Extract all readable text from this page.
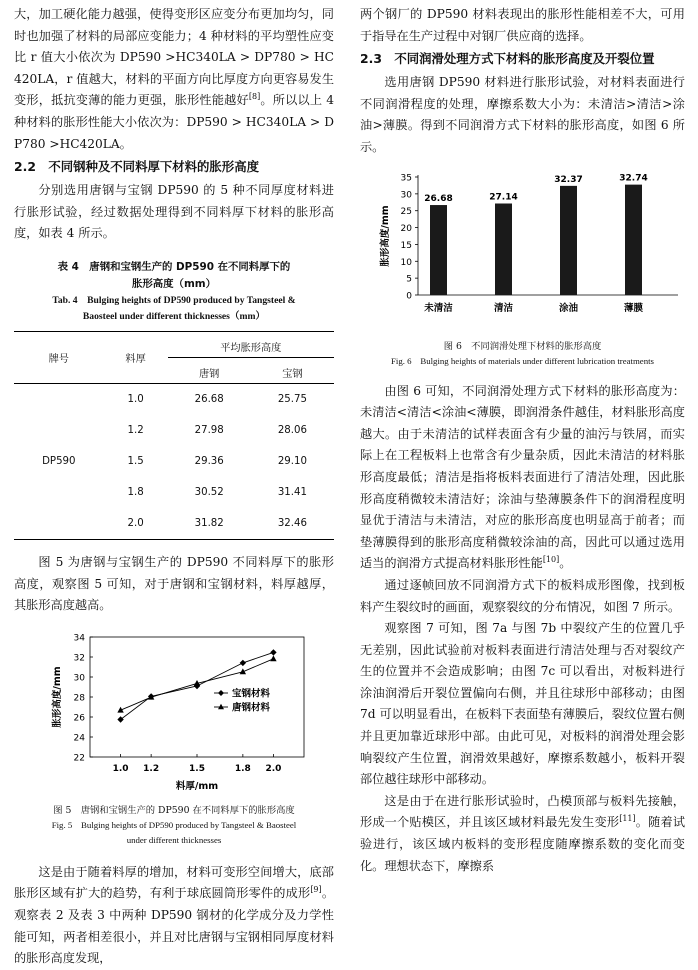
大，加工硬化能力越强，使得变形区应变分布更加均匀，同时也加强了材料的局部应变能力；4 种材料的平均塑性应变比 r 值大小依次为 DP590 >HC340LA > DP780 > HC420LA，r 值越大，材料的平面方向比厚度方向更容易发生变形，抵抗变薄的能力更强，胀形性能越好[8]。所以以上 4 种材料的胀形性能大小依次为：DP590 > HC340LA > DP780 >HC420LA。

2.2　不同钢种及不同料厚下材料的胀形高度

分别选用唐钢与宝钢 DP590 的 5 种不同厚度材料进行胀形试验，经过数据处理得到不同料厚下材料的胀形高度，如表 4 所示。

表 4　唐钢和宝钢生产的 DP590 在不同料厚下的

胀形高度（mm）

Tab. 4　Bulging heights of DP590 produced by Tangsteel &

Baosteel under different thicknesses（mm）

牌号	料厚	平均胀形高度	
		唐钢	宝钢
DP590	1.0	26.68	25.75
	1.2	27.98	28.06
	1.5	29.36	29.10
	1.8	30.52	31.41
	2.0	31.82	32.46

图 5 为唐钢与宝钢生产的 DP590 不同料厚下的胀形高度，观察图 5 可知，对于唐钢和宝钢材料，料厚越厚，其胀形高度越高。

22
24
26
28
30
32
34
1.0 1.2	1.5	1.8 2.0
料厚/mm
胀形高度/mm	宝钢材料
唐钢材料

图 5　唐钢和宝钢生产的 DP590 在不同料厚下的胀形高度

Fig. 5　Bulging heights of DP590 produced by Tangsteel & Baosteel

under different thicknesses

这是由于随着料厚的增加，材料可变形空间增大，底部胀形区域有扩大的趋势，有利于球底圆筒形零件的成形[9]。观察表 2 及表 3 中两种 DP590 钢材的化学成分及力学性能可知，两者相差很小，并且对比唐钢与宝钢相同厚度材料的胀形高度发现，

两个钢厂的 DP590 材料表现出的胀形性能相差不大，可用于指导在生产过程中对钢厂供应商的选择。

2.3　不同润滑处理方式下材料的胀形高度及开裂位置

选用唐钢 DP590 材料进行胀形试验，对材料表面进行不同润滑程度的处理，摩擦系数大小为：未清洁>清洁>涂油>薄膜。得到不同润滑方式下材料的胀形高度，如图 6 所示。

0
5
10
15
20
25
30
35
胀形高度/mm
26.68
未清洁
27.14
清洁
32.37
涂油
32.74
薄膜

图 6　不同润滑处理下材料的胀形高度

Fig. 6　Bulging heights of materials under different lubrication treatments

由图 6 可知，不同润滑处理方式下材料的胀形高度为：未清洁<清洁<涂油<薄膜，即润滑条件越佳，材料胀形高度越大。由于未清洁的试样表面含有少量的油污与铁屑，而实际上在工程板料上也常含有少量杂质，因此未清洁的材料胀形高度最低；清洁是指将板料表面进行了清洁处理，因此胀形高度稍微较未清洁好；涂油与垫薄膜条件下的润滑程度明显优于清洁与未清洁，对应的胀形高度也明显高于前者；而垫薄膜得到的胀形高度稍微较涂油的高，因此可以通过选用适当的润滑方式提高材料胀形性能[10]。

通过逐帧回放不同润滑方式下的板料成形图像，找到板料产生裂纹时的画面，观察裂纹的分布情况，如图 7 所示。

观察图 7 可知，图 7a 与图 7b 中裂纹产生的位置几乎无差别，因此试验前对板料表面进行清洁处理与否对裂纹产生的位置并不会造成影响；由图 7c 可以看出，对板料进行涂油润滑后开裂位置偏向右侧，并且往球形中部移动；由图 7d 可以明显看出，在板料下表面垫有薄膜后，裂纹位置右侧并且更加靠近球形中部。由此可见，对板料的润滑处理会影响裂纹产生位置，润滑效果越好，摩擦系数越小，板料开裂部位越往球形中部移动。

这是由于在进行胀形试验时，凸模顶部与板料先接触，形成一个贴模区，并且该区域材料最先发生变形[11]。随着试验进行，该区域内板料的变形程度随摩擦系数的变化而变化。理想状态下，摩擦系
